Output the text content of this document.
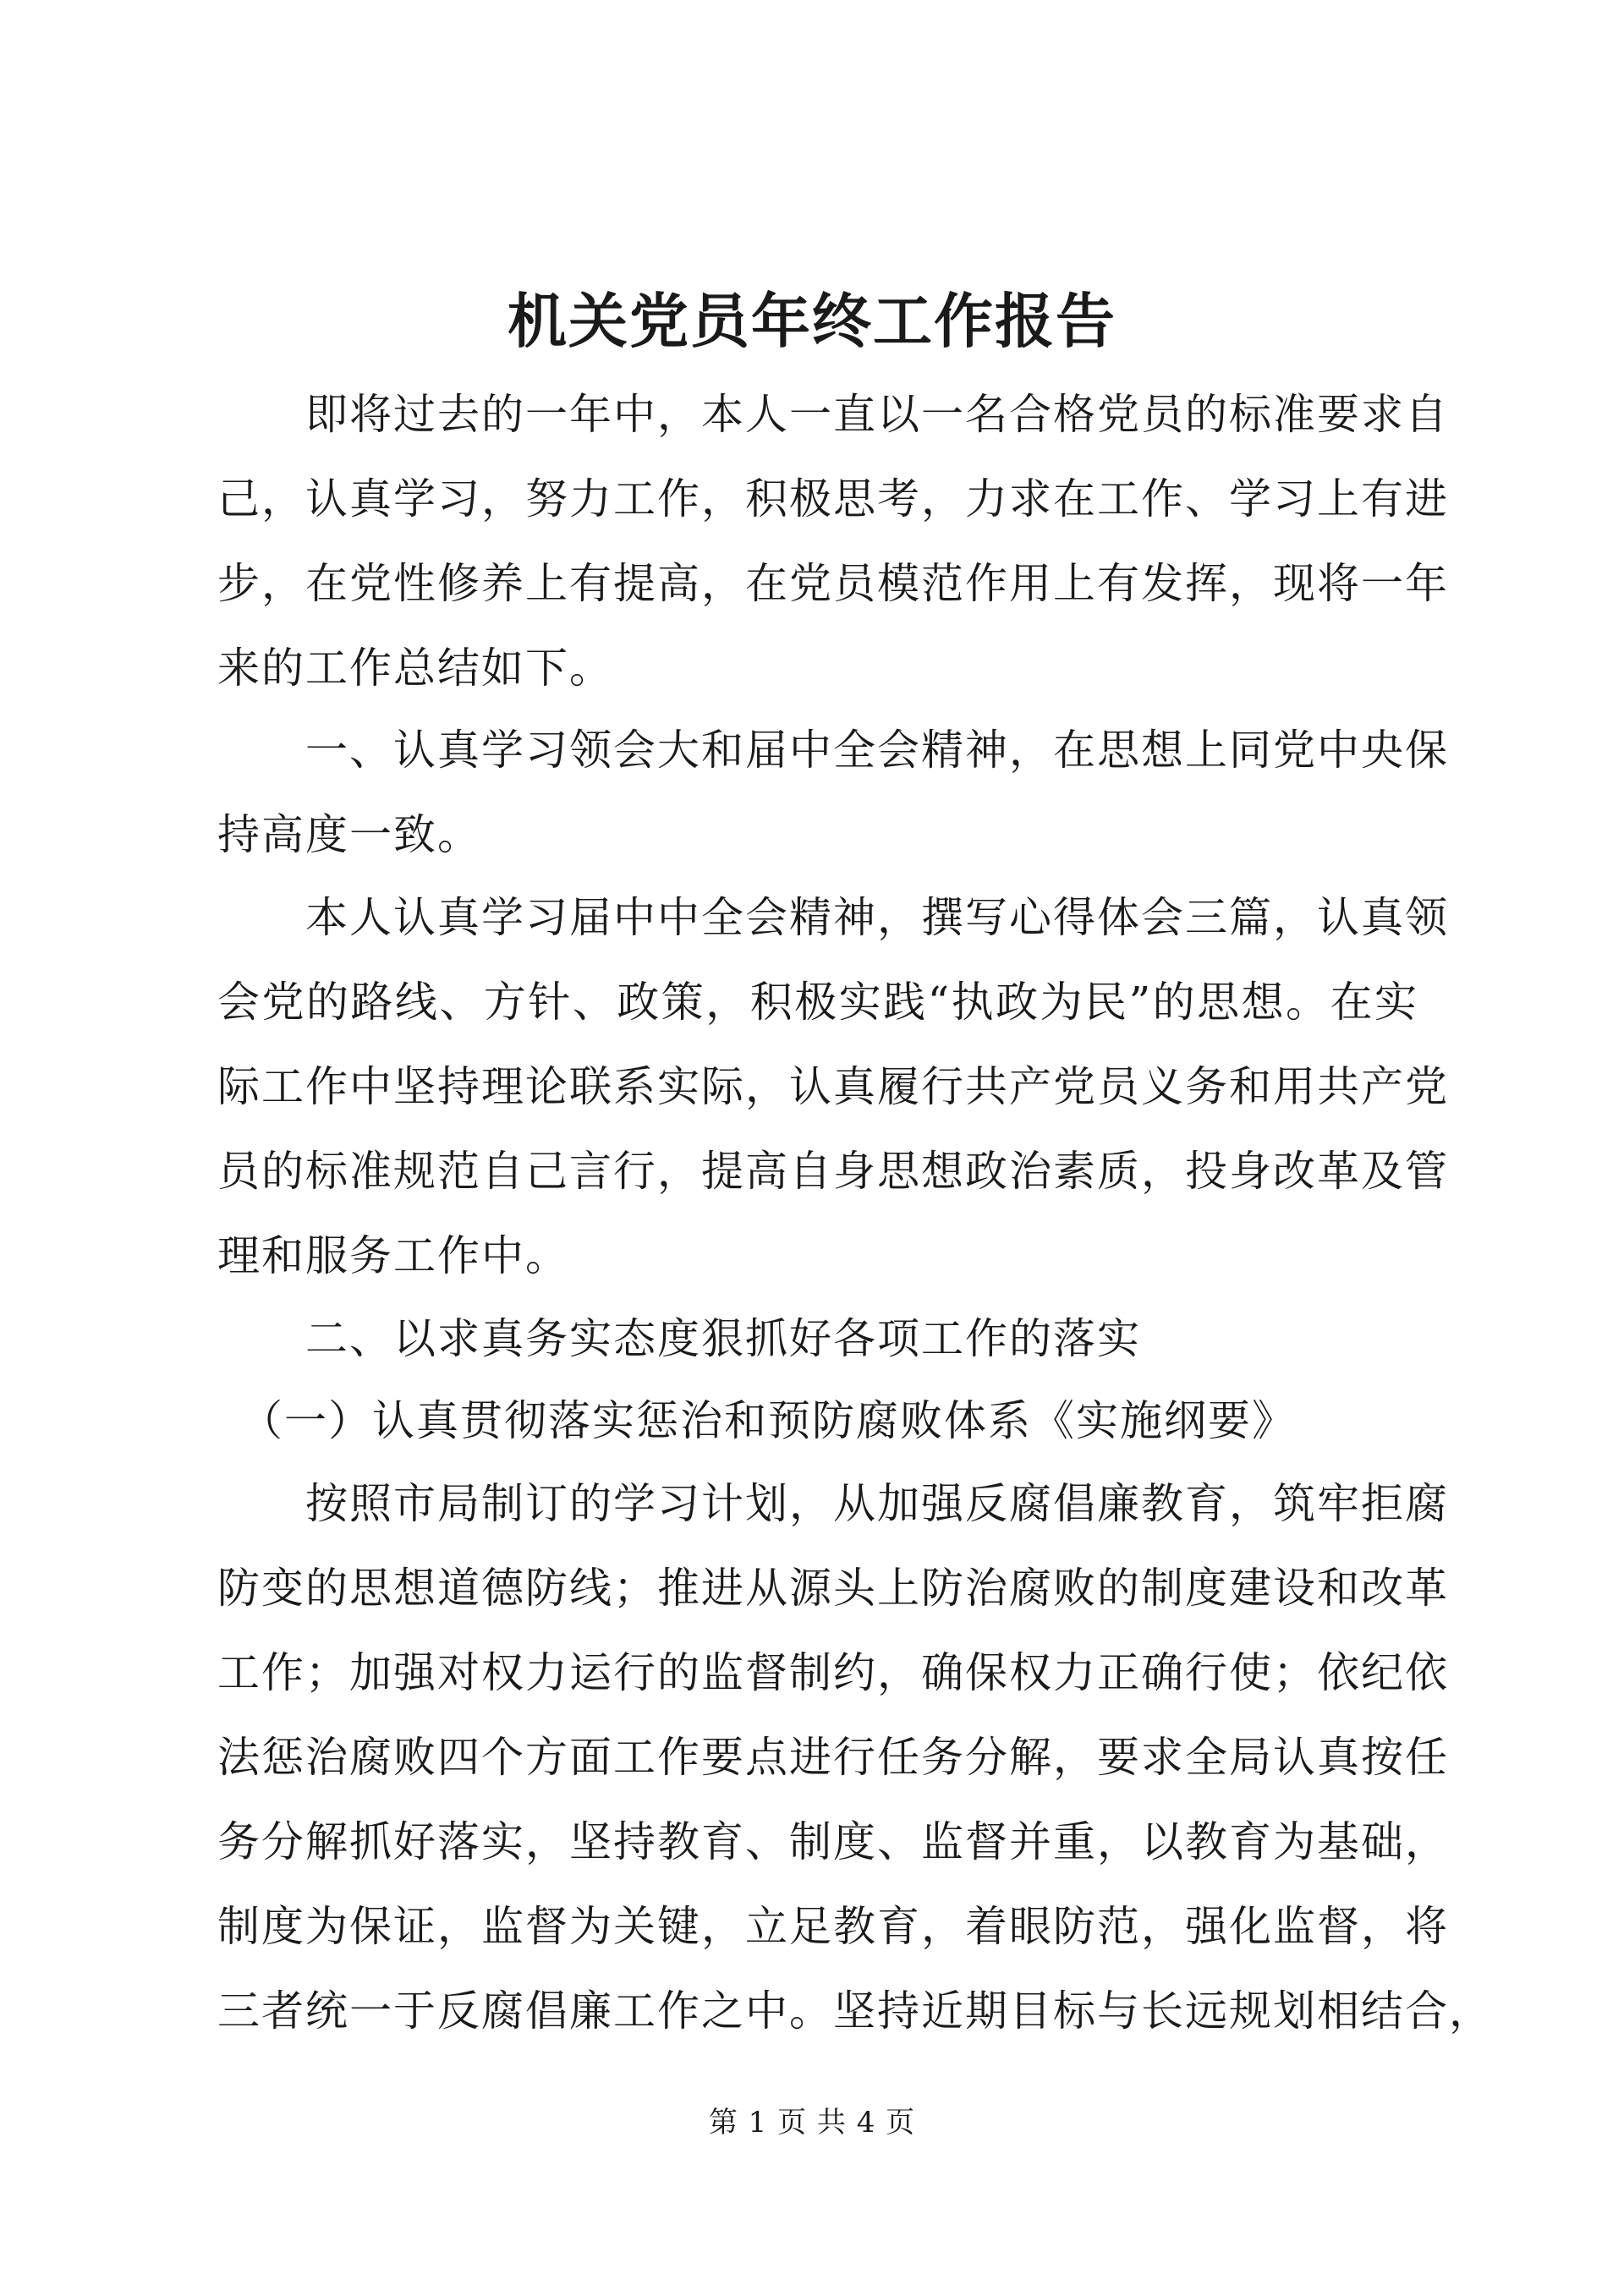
机关党员年终工作报告
　　即将过去的一年中，本人一直以一名合格党员的标准要求自
己，认真学习，努力工作，积极思考，力求在工作、学习上有进
步，在党性修养上有提高，在党员模范作用上有发挥，现将一年
来的工作总结如下。
　　一、认真学习领会大和届中全会精神，在思想上同党中央保
持高度一致。
　　本人认真学习届中中全会精神，撰写心得体会三篇，认真领
会党的路线、方针、政策，积极实践“执政为民”的思想。在实
际工作中坚持理论联系实际，认真履行共产党员义务和用共产党
员的标准规范自己言行，提高自身思想政治素质，投身改革及管
理和服务工作中。
　　二、以求真务实态度狠抓好各项工作的落实
　（一）认真贯彻落实惩治和预防腐败体系《实施纲要》
　　按照市局制订的学习计划，从加强反腐倡廉教育，筑牢拒腐
防变的思想道德防线；推进从源头上防治腐败的制度建设和改革
工作；加强对权力运行的监督制约，确保权力正确行使；依纪依
法惩治腐败四个方面工作要点进行任务分解，要求全局认真按任
务分解抓好落实，坚持教育、制度、监督并重，以教育为基础，
制度为保证，监督为关键，立足教育，着眼防范，强化监督，将
三者统一于反腐倡廉工作之中。坚持近期目标与长远规划相结合，
第 1 页 共 4 页
